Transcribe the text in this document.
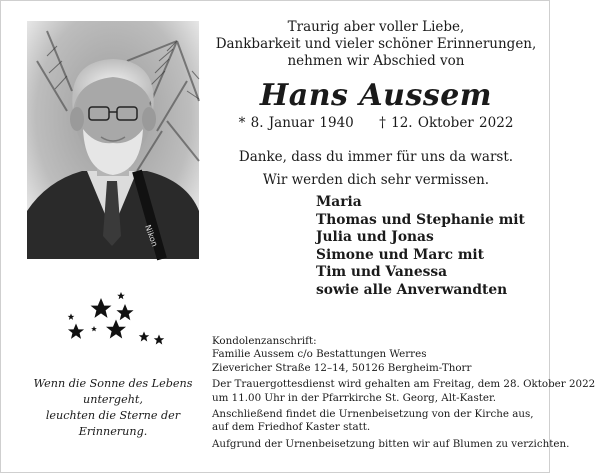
Nikon
Traurig aber voller Liebe,
Dankbarkeit und vieler schöner Erinnerungen,
nehmen wir Abschied von
Hans Aussem
* 8. Januar 1940 † 12. Oktober 2022
Danke, dass du immer für uns da warst.
Wir werden dich sehr vermissen.
Maria
Thomas und Stephanie mit
Julia und Jonas
Simone und Marc mit
Tim und Vanessa
sowie alle Anverwandten
Wenn die Sonne des Lebens untergeht,
leuchten die Sterne der Erinnerung.
Kondolenzanschrift:
Familie Aussem c/o Bestattungen Werres
Zievericher Straße 12–14, 50126 Bergheim-Thorr
Der Trauergottesdienst wird gehalten am Freitag, dem 28. Oktober 2022
um 11.00 Uhr in der Pfarrkirche St. Georg, Alt-Kaster.
Anschließend findet die Urnenbeisetzung von der Kirche aus,
auf dem Friedhof Kaster statt.
Aufgrund der Urnenbeisetzung bitten wir auf Blumen zu verzichten.
